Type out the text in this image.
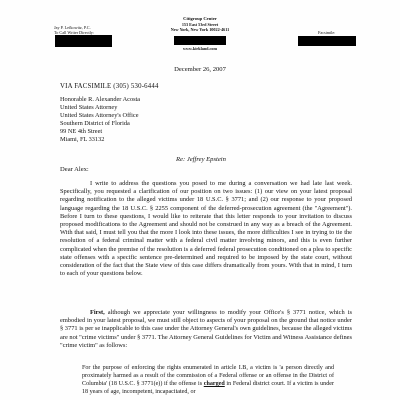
Citigroup Center
153 East 53rd Street
New York, New York 10022-4611
Jay P. Lefkowitz, P.C.
To Call Writer Directly:	Facsimile:
www.kirkland.com
December 26, 2007
VIA FACSIMILE (305) 530-6444
Honorable R. Alexander Acosta
United States Attorney
United States Attorney's Office
Southern District of Florida
99 NE 4th Street
Miami, FL 33132
Re: Jeffrey Epstein
Dear Alex:
I write to address the questions you posed to me during a conversation we had late last week. Specifically, you requested a clarification of our position on two issues: (1) our view on your latest proposal regarding notification to the alleged victims under 18 U.S.C. § 3771; and (2) our response to your proposed language regarding the 18 U.S.C. § 2255 component of the deferred-prosecution agreement (the "Agreement"). Before I turn to these questions, I would like to reiterate that this letter responds to your invitation to discuss proposed modifications to the Agreement and should not be construed in any way as a breach of the Agreement. With that said, I must tell you that the more I look into these issues, the more difficulties I see in trying to tie the resolution of a federal criminal matter with a federal civil matter involving minors, and this is even further complicated when the premise of the resolution is a deferred federal prosecution conditioned on a plea to specific state offenses with a specific sentence pre-determined and required to be imposed by the state court, without consideration of the fact that the State view of this case differs dramatically from yours. With that in mind, I turn to each of your questions below.
First, although we appreciate your willingness to modify your Office's § 3771 notice, which is embodied in your latest proposal, we must still object to aspects of your proposal on the ground that notice under § 3771 is per se inapplicable to this case under the Attorney General's own guidelines, because the alleged victims are not "crime victims" under § 3771. The Attorney General Guidelines for Victim and Witness Assistance defines "crime victim" as follows:
For the purpose of enforcing the rights enumerated in article I.B, a victim is 'a person directly and proximately harmed as a result of the commission of a Federal offense or an offense in the District of Columbia' (18 U.S.C. § 3771(e)) if the offense is charged in Federal district court. If a victim is under 18 years of age, incompetent, incapacitated, or
